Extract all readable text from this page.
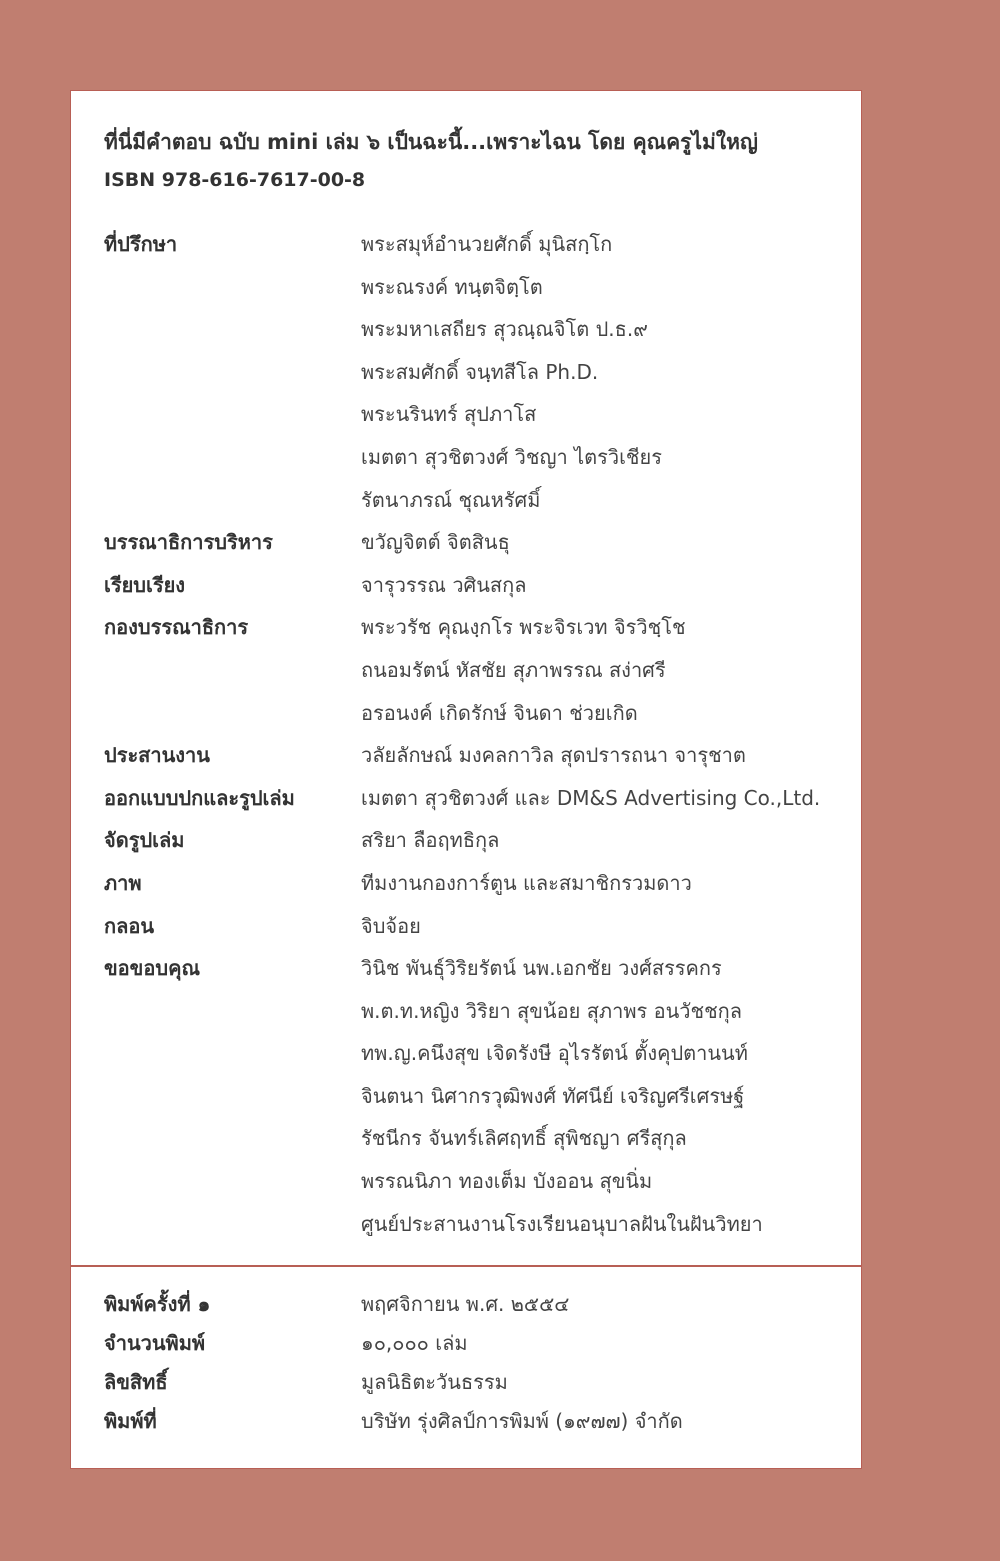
ที่นี่มีคำตอบ ฉบับ mini เล่ม ๖ เป็นฉะนี้...เพราะไฉน โดย คุณครูไม่ใหญ่
ISBN 978-616-7617-00-8
ที่ปรึกษา	พระสมุห์อำนวยศักดิ์ มุนิสกฺโก
พระณรงค์ ทนฺตจิตฺโต
พระมหาเสถียร สุวณฺณจิโต ป.ธ.๙
พระสมศักดิ์ จนฺทสีโล Ph.D.
พระนรินทร์ สุปภาโส
เมตตา สุวชิตวงศ์ วิชญา ไตรวิเชียร
รัตนาภรณ์ ชุณหรัศมิ์
บรรณาธิการบริหาร	ขวัญจิตต์ จิตสินธุ
เรียบเรียง	จารุวรรณ วศินสกุล
กองบรรณาธิการ	พระวรัช คุณงฺกโร พระจิรเวท จิรวิชฺโช
ถนอมรัตน์ หัสชัย สุภาพรรณ สง่าศรี
อรอนงค์ เกิดรักษ์ จินดา ช่วยเกิด
ประสานงาน	วลัยลักษณ์ มงคลกาวิล สุดปรารถนา จารุชาต
ออกแบบปกและรูปเล่ม	เมตตา สุวชิตวงศ์ และ DM&S Advertising Co.,Ltd.
จัดรูปเล่ม	สริยา ลือฤทธิกุล
ภาพ	ทีมงานกองการ์ตูน และสมาชิกรวมดาว
กลอน	จิบจ้อย
ขอขอบคุณ	วินิช พันธุ์วิริยรัตน์ นพ.เอกชัย วงศ์สรรคกร
พ.ต.ท.หญิง วิริยา สุขน้อย สุภาพร อนวัชชกุล
ทพ.ญ.คนึงสุข เจิดรังษี อุไรรัตน์ ตั้งคุปตานนท์
จินตนา นิศากรวุฒิพงศ์ ทัศนีย์ เจริญศรีเศรษฐ์
รัชนีกร จันทร์เลิศฤทธิ์ สุพิชญา ศรีสุกุล
พรรณนิภา ทองเต็ม บังออน สุขนิ่ม
ศูนย์ประสานงานโรงเรียนอนุบาลฝันในฝันวิทยา
พิมพ์ครั้งที่ ๑	พฤศจิกายน พ.ศ. ๒๕๕๔
จำนวนพิมพ์	๑๐,๐๐๐ เล่ม
ลิขสิทธิ์	มูลนิธิตะวันธรรม
พิมพ์ที่	บริษัท รุ่งศิลป์การพิมพ์ (๑๙๗๗) จำกัด
